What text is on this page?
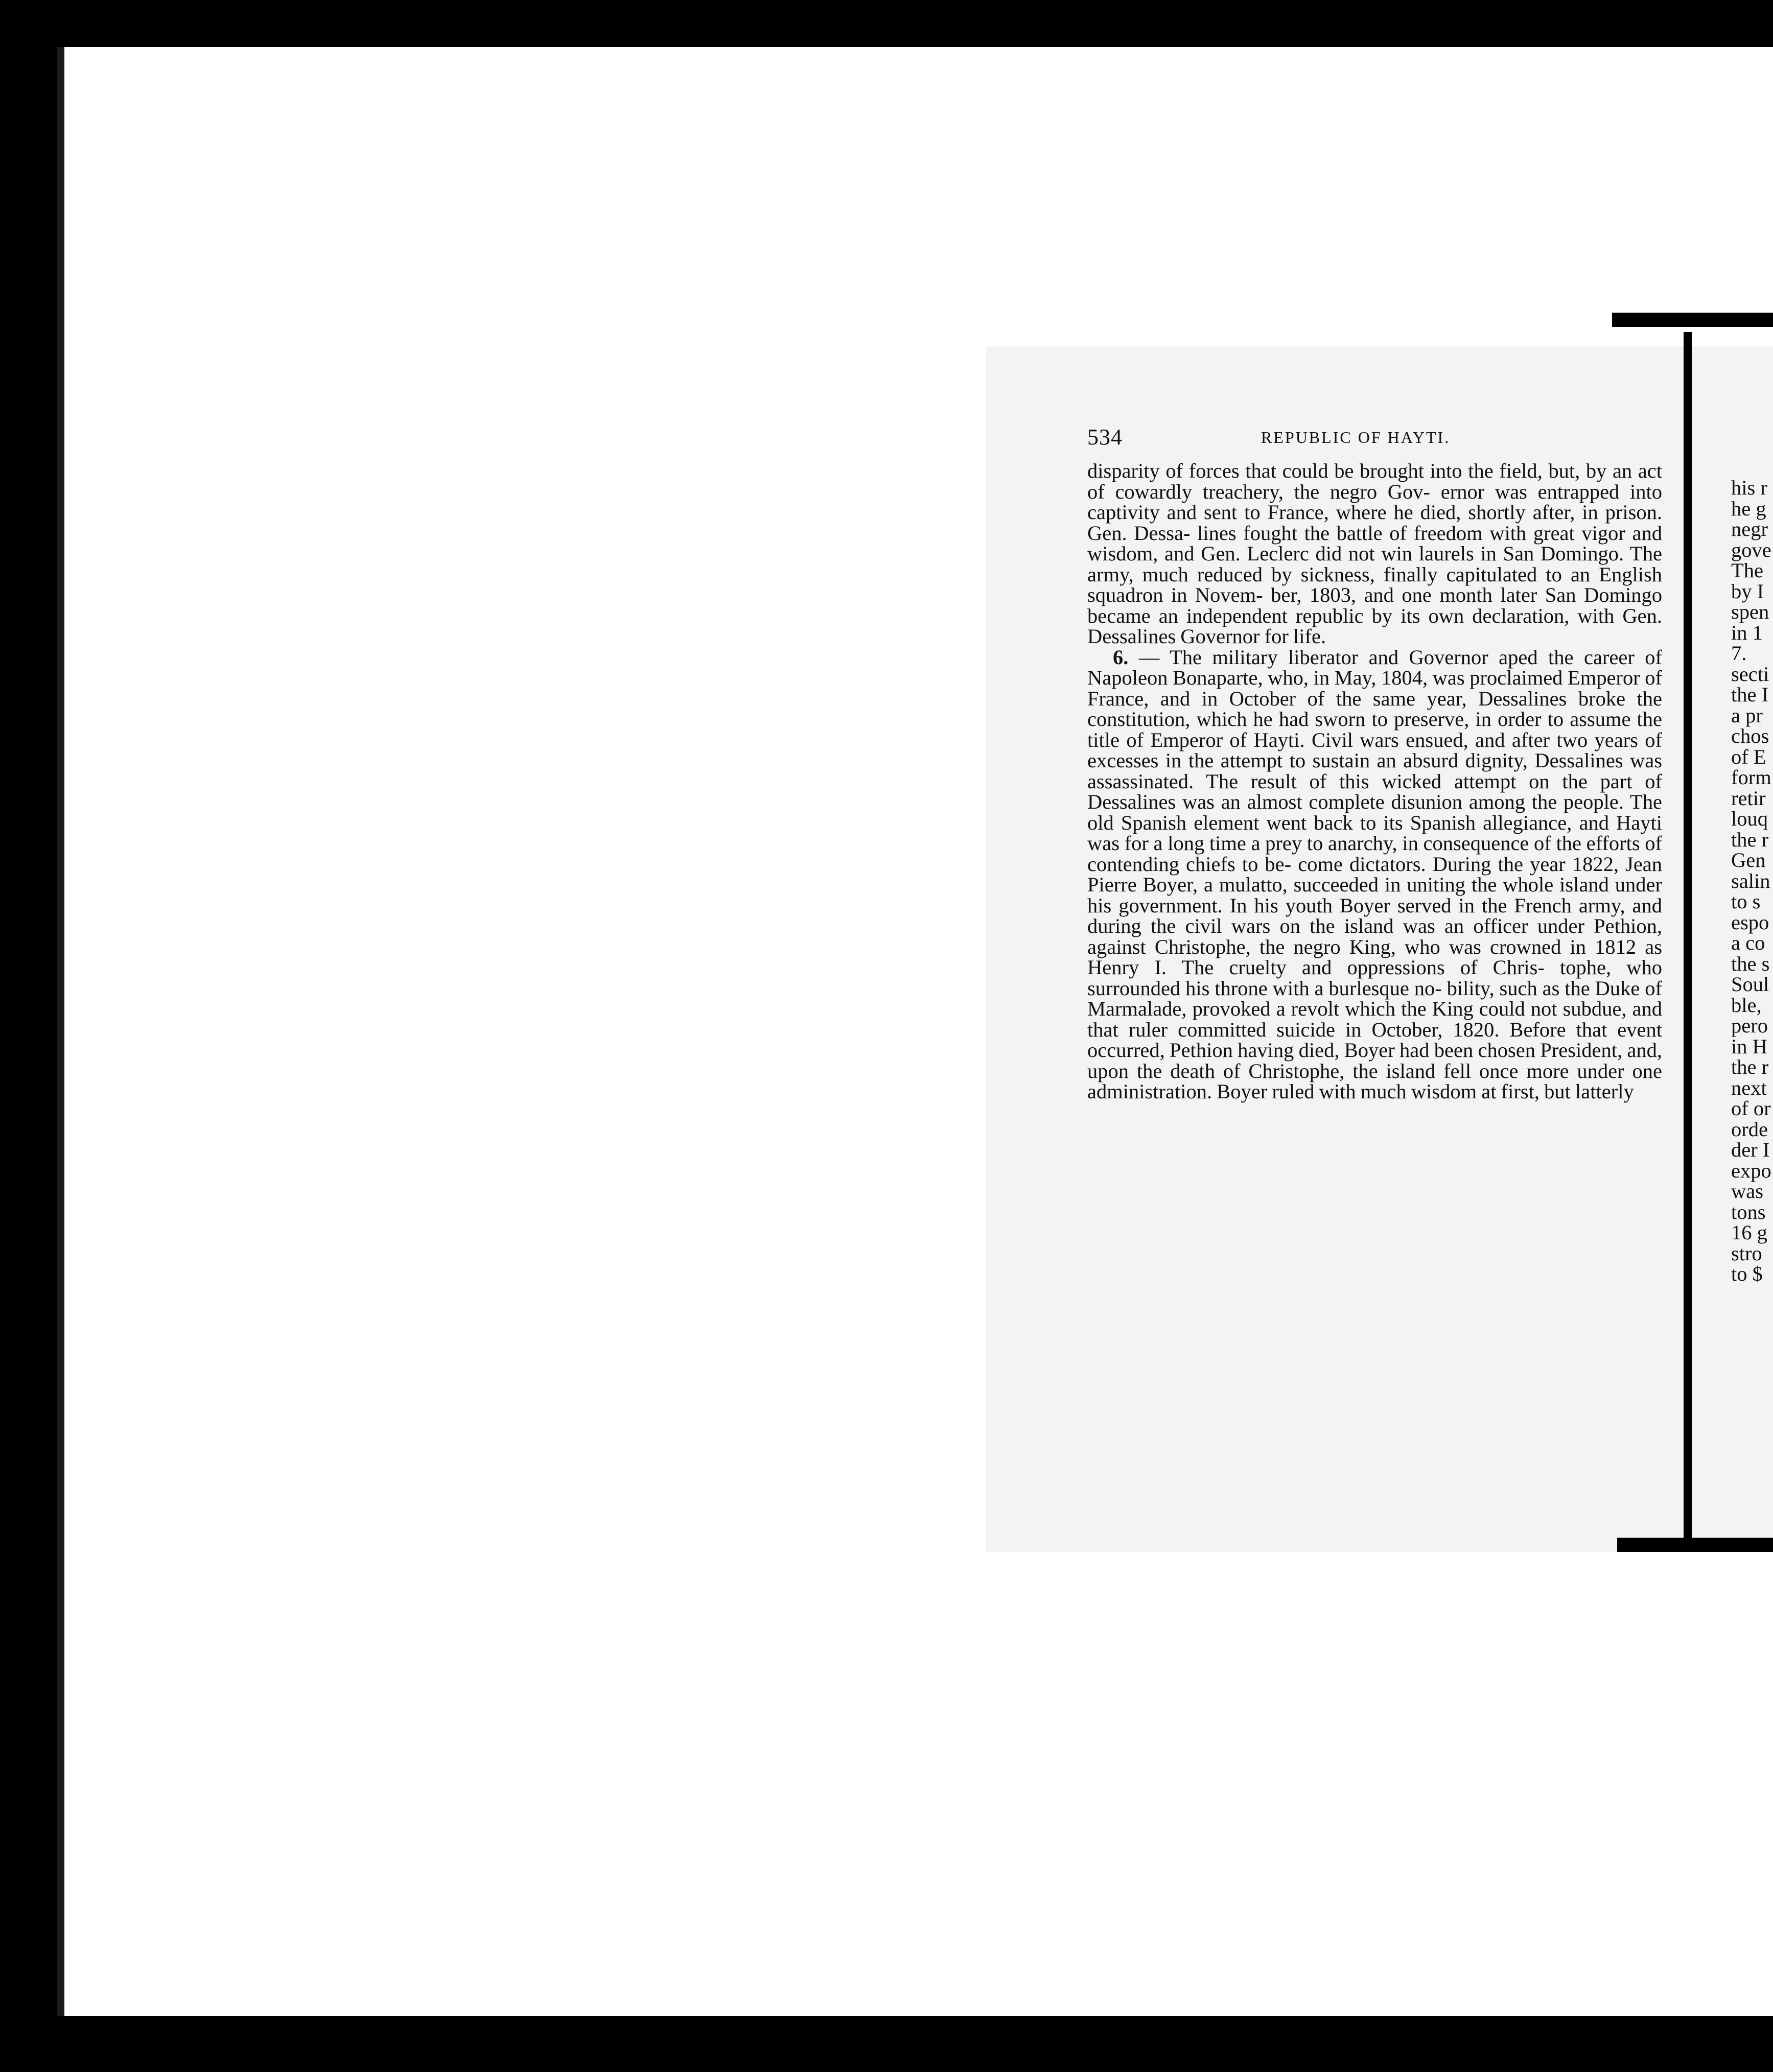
534	REPUBLIC OF HAYTI.

disparity of forces that could be brought into the field, but, by an act of cowardly treachery, the negro Gov- ernor was entrapped into captivity and sent to France, where he died, shortly after, in prison. Gen. Dessa- lines fought the battle of freedom with great vigor and wisdom, and Gen. Leclerc did not win laurels in San Domingo. The army, much reduced by sickness, finally capitulated to an English squadron in Novem- ber, 1803, and one month later San Domingo became an independent republic by its own declaration, with Gen. Dessalines Governor for life.

6. — The military liberator and Governor aped the career of Napoleon Bonaparte, who, in May, 1804, was proclaimed Emperor of France, and in October of the same year, Dessalines broke the constitution, which he had sworn to preserve, in order to assume the title of Emperor of Hayti. Civil wars ensued, and after two years of excesses in the attempt to sustain an absurd dignity, Dessalines was assassinated. The result of this wicked attempt on the part of Dessalines was an almost complete disunion among the people. The old Spanish element went back to its Spanish allegiance, and Hayti was for a long time a prey to anarchy, in consequence of the efforts of contending chiefs to be- come dictators. During the year 1822, Jean Pierre Boyer, a mulatto, succeeded in uniting the whole island under his government. In his youth Boyer served in the French army, and during the civil wars on the island was an officer under Pethion, against Christophe, the negro King, who was crowned in 1812 as Henry I. The cruelty and oppressions of Chris- tophe, who surrounded his throne with a burlesque no- bility, such as the Duke of Marmalade, provoked a revolt which the King could not subdue, and that ruler committed suicide in October, 1820. Before that event occurred, Pethion having died, Boyer had been chosen President, and, upon the death of Christophe, the island fell once more under one administration. Boyer ruled with much wisdom at first, but latterly

his r
he g
negr
gove
The
by I
spen
in 1
7.
secti
the I
a pr
chos
of E
form
retir
louq
the r
Gen
salin
to s
espo
a co
the s
Soul
ble,
pero
in H
the r
next
of or
orde
der I
expo
was
tons
16 g
stro
to $
